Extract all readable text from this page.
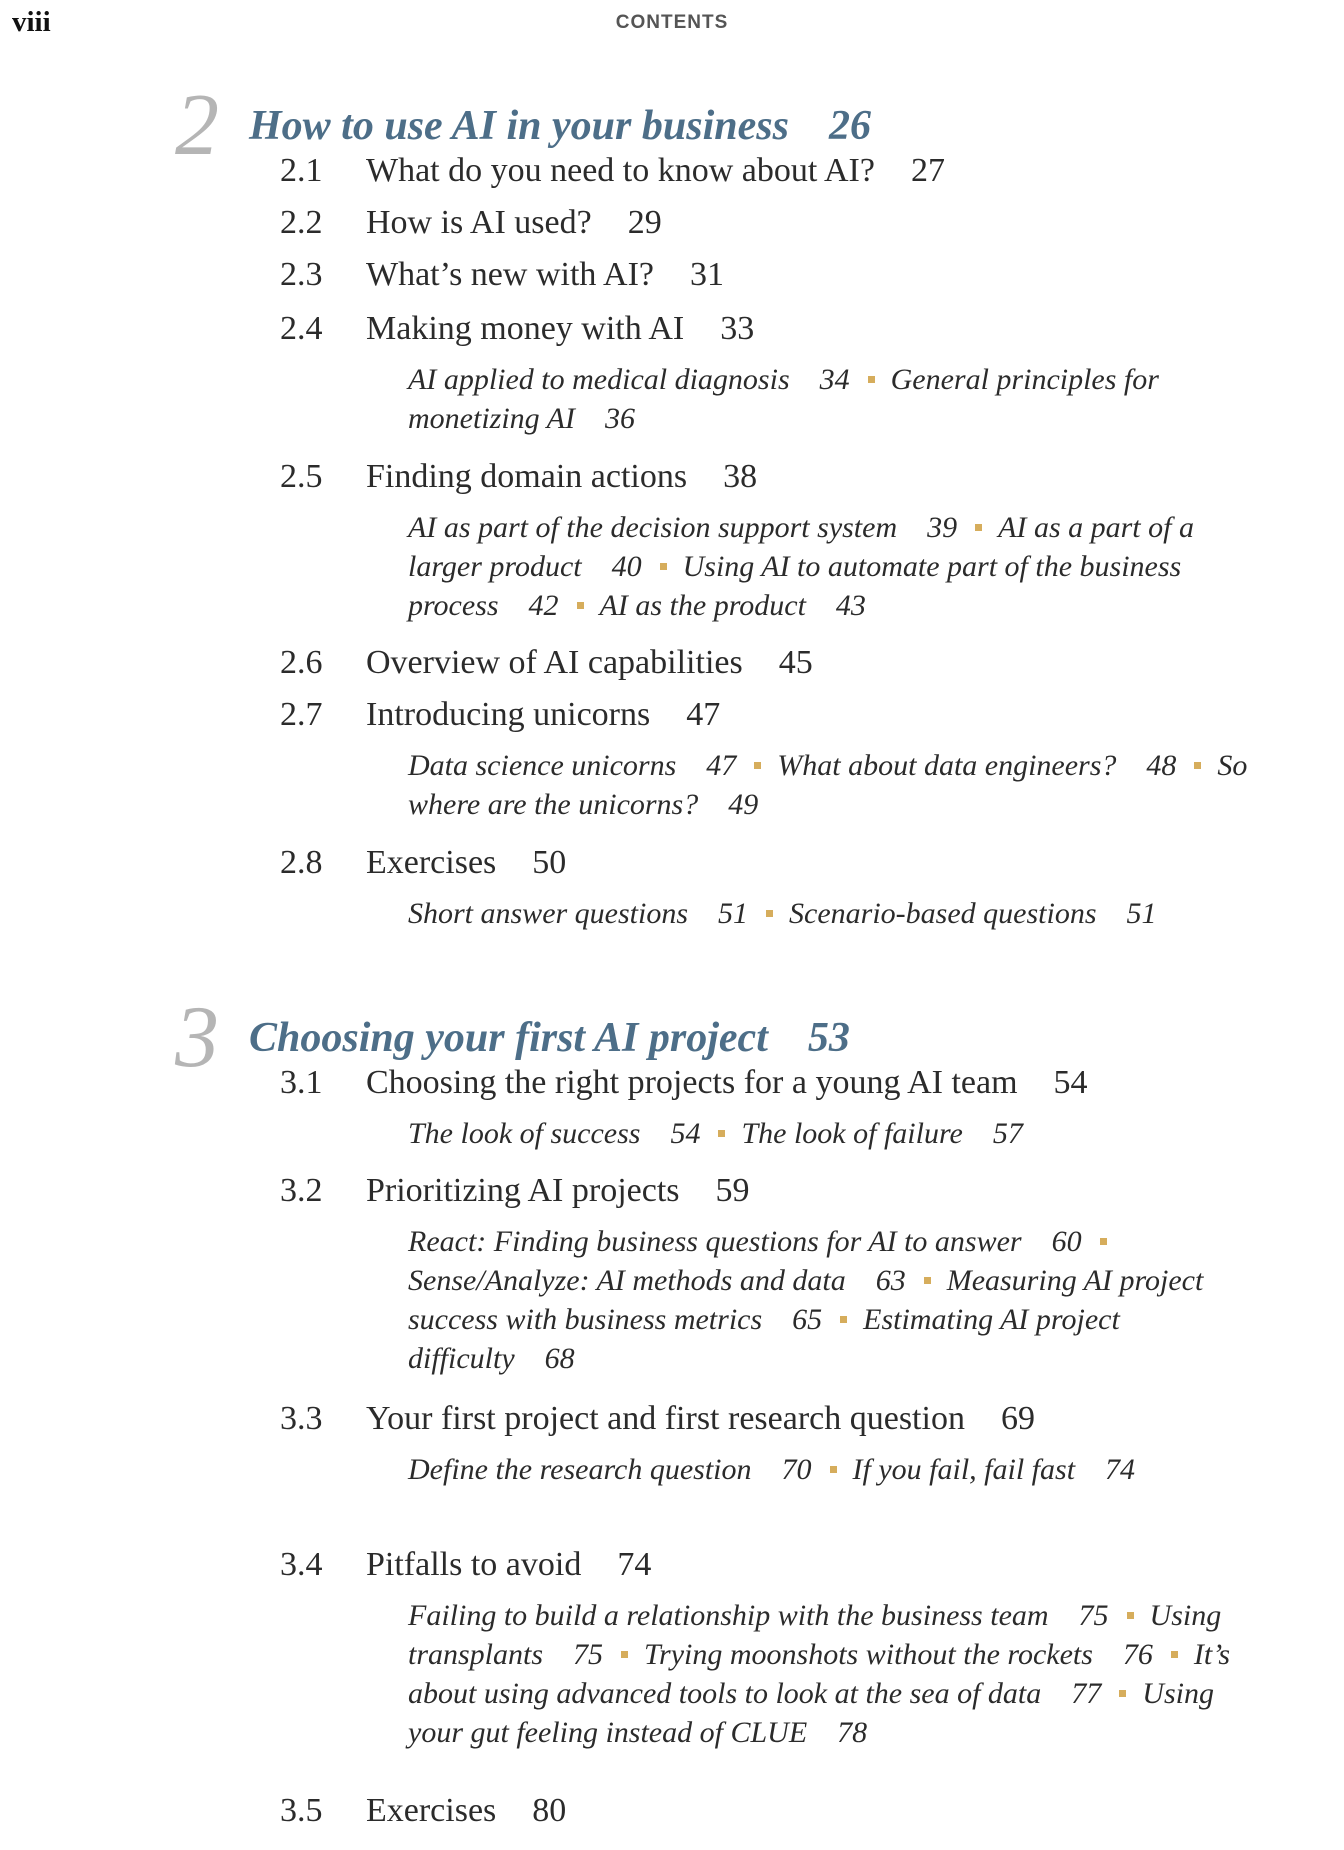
viii	CONTENTS
2 How to use AI in your business 26
2.1 What do you need to know about AI? 27
2.2 How is AI used? 29
2.3 What’s new with AI? 31
2.4 Making money with AI 33
AI applied to medical diagnosis 34 General principles for monetizing AI 36
2.5 Finding domain actions 38
AI as part of the decision support system 39 AI as a part of a larger product 40 Using AI to automate part of the business process 42 AI as the product 43
2.6 Overview of AI capabilities 45
2.7 Introducing unicorns 47
Data science unicorns 47 What about data engineers? 48 So where are the unicorns? 49
2.8 Exercises 50
Short answer questions 51 Scenario-based questions 51
3 Choosing your first AI project 53
3.1 Choosing the right projects for a young AI team 54
The look of success 54 The look of failure 57
3.2 Prioritizing AI projects 59
React: Finding business questions for AI to answer 60Sense/Analyze: AI methods and data 63 Measuring AI project success with business metrics 65 Estimating AI project difficulty 68
3.3 Your first project and first research question 69
Define the research question 70 If you fail, fail fast 74
3.4 Pitfalls to avoid 74
Failing to build a relationship with the business team 75 Using transplants 75 Trying moonshots without the rockets 76 It’s about using advanced tools to look at the sea of data 77 Using your gut feeling instead of CLUE 78
3.5 Exercises 80
